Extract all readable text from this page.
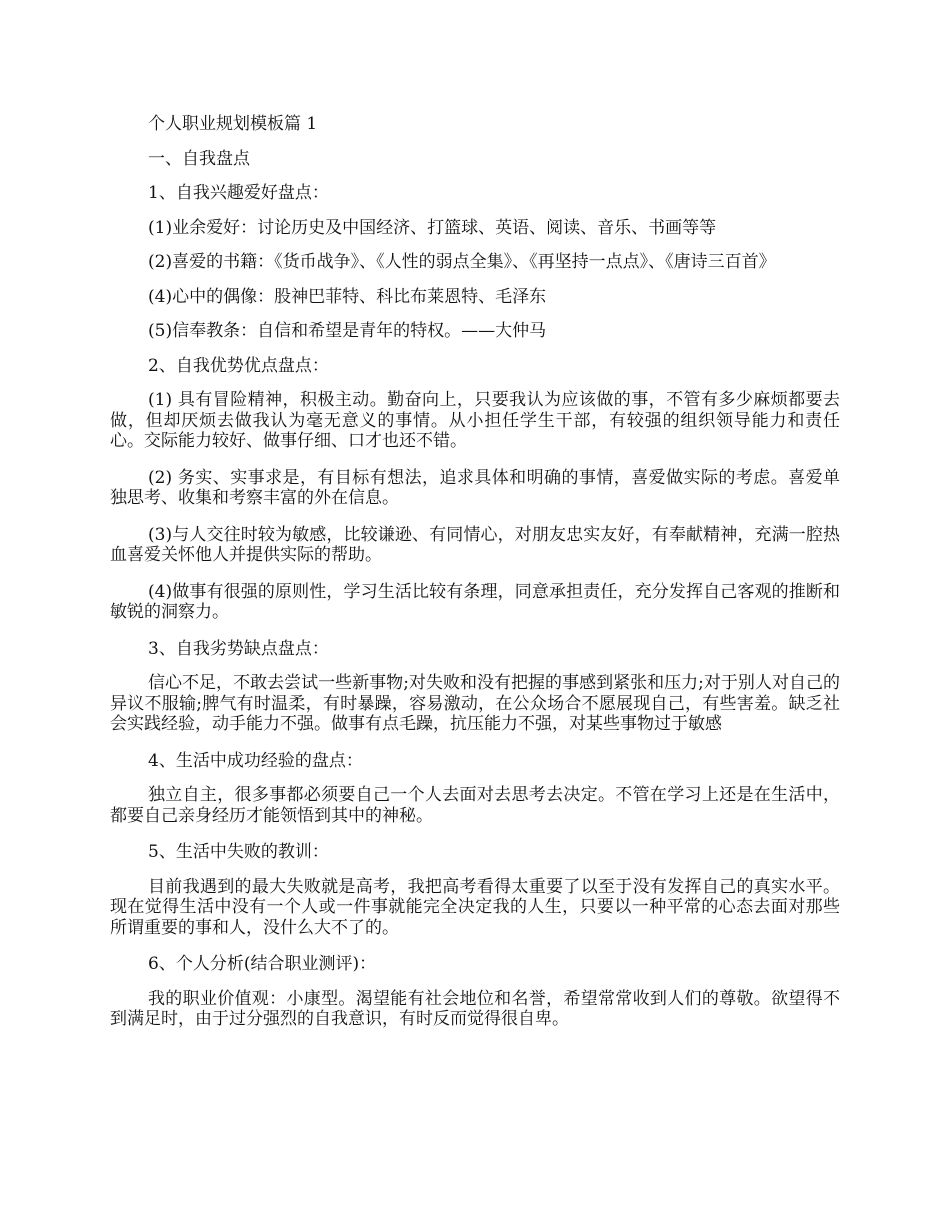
个人职业规划模板篇 1

一、自我盘点

1、自我兴趣爱好盘点：

(1)业余爱好：讨论历史及中国经济、打篮球、英语、阅读、音乐、书画等等

(2)喜爱的书籍：《货币战争》、《人性的弱点全集》、《再坚持一点点》、《唐诗三百首》

(4)心中的偶像：股神巴菲特、科比布莱恩特、毛泽东

(5)信奉教条：自信和希望是青年的特权。——大仲马

2、自我优势优点盘点：

(1) 具有冒险精神，积极主动。勤奋向上，只要我认为应该做的事，不管有多少麻烦都要去做，但却厌烦去做我认为毫无意义的事情。从小担任学生干部，有较强的组织领导能力和责任心。交际能力较好、做事仔细、口才也还不错。

(2) 务实、实事求是，有目标有想法，追求具体和明确的事情，喜爱做实际的考虑。喜爱单独思考、收集和考察丰富的外在信息。

(3)与人交往时较为敏感，比较谦逊、有同情心，对朋友忠实友好，有奉献精神，充满一腔热血喜爱关怀他人并提供实际的帮助。

(4)做事有很强的原则性，学习生活比较有条理，同意承担责任，充分发挥自己客观的推断和敏锐的洞察力。

3、自我劣势缺点盘点：

信心不足，不敢去尝试一些新事物;对失败和没有把握的事感到紧张和压力;对于别人对自己的异议不服输;脾气有时温柔，有时暴躁，容易激动，在公众场合不愿展现自己，有些害羞。缺乏社会实践经验，动手能力不强。做事有点毛躁，抗压能力不强，对某些事物过于敏感

4、生活中成功经验的盘点：

独立自主，很多事都必须要自己一个人去面对去思考去决定。不管在学习上还是在生活中，都要自己亲身经历才能领悟到其中的神秘。

5、生活中失败的教训：

目前我遇到的最大失败就是高考，我把高考看得太重要了以至于没有发挥自己的真实水平。现在觉得生活中没有一个人或一件事就能完全决定我的人生，只要以一种平常的心态去面对那些所谓重要的事和人，没什么大不了的。

6、个人分析(结合职业测评)：

我的职业价值观：小康型。渴望能有社会地位和名誉，希望常常收到人们的尊敬。欲望得不到满足时，由于过分强烈的自我意识，有时反而觉得很自卑。
